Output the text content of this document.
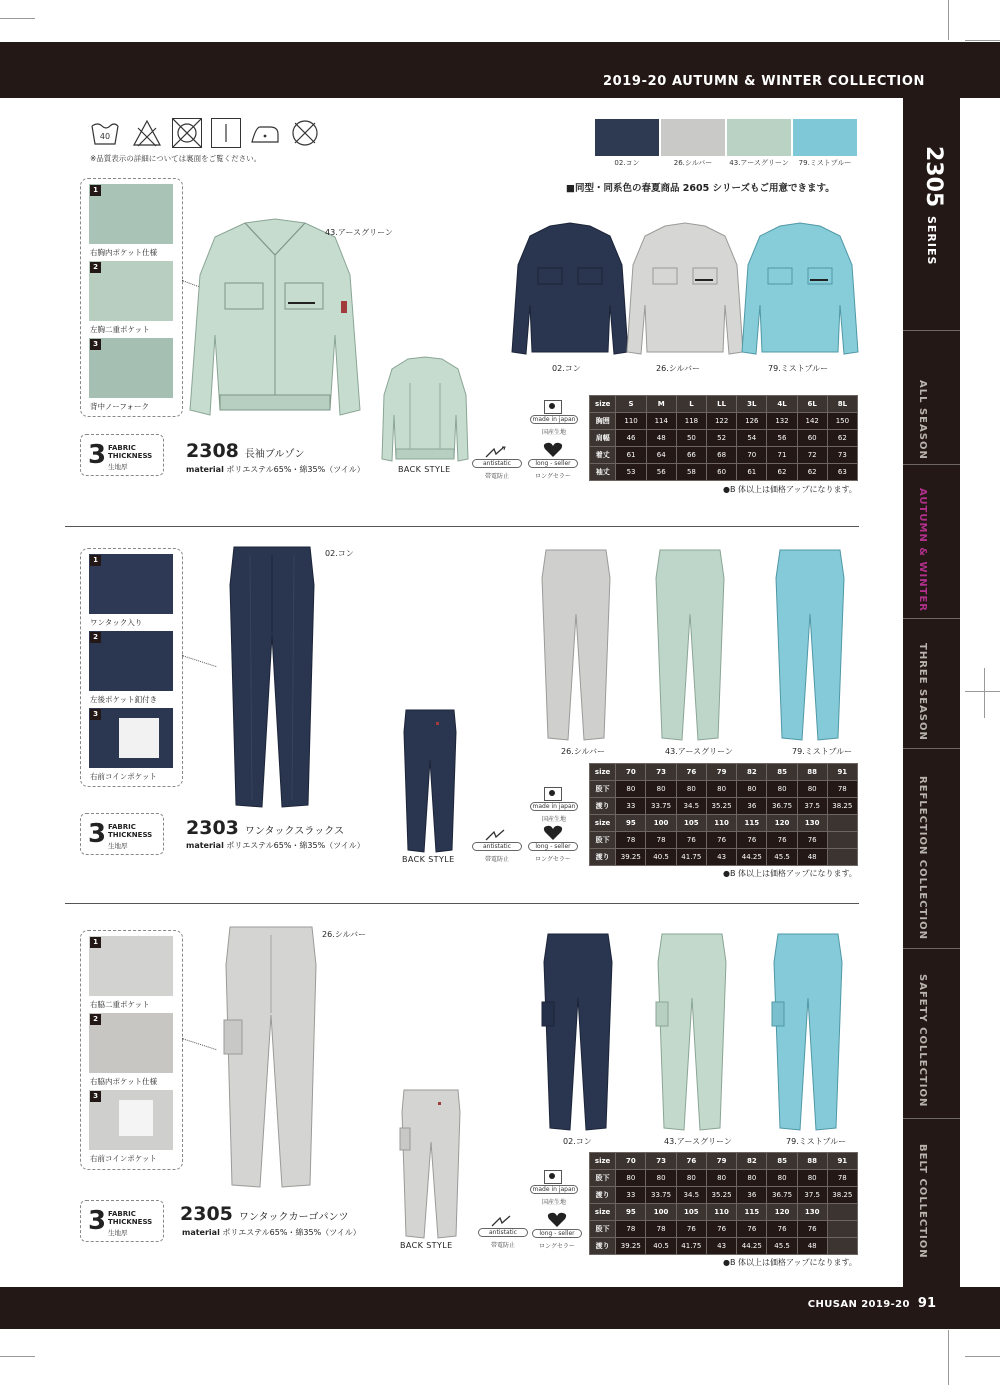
2019-20 AUTUMN & WINTER COLLECTION
2305
SERIES
ALL SEASON
AUTUMN & WINTER
THREE SEASON
REFLECTION COLLECTION
SAFETY COLLECTION
BELT COLLECTION
CHUSAN 2019-20 91
40
※品質表示の詳細については裏面をご覧ください。	02.コン	26.シルバー	43.アースグリーン	79.ミストブルー
■同型・同系色の春夏商品 2605 シリーズもご用意できます。
1
右胸内ポケット仕様
2
左胸二重ポケット
3
背中ノーフォーク
43.アースグリーン
BACK STYLE
02.コン	26.シルバー	79.ミストブルー
made in japan
国産生地
antistatic
帯電防止
long - seller
ロングセラー
size	S	M	L	LL	3L	4L	6L	8L
胸囲	110	114	118	122	126	132	142	150
肩幅	46	48	50	52	54	56	60	62
着丈	61	64	66	68	70	71	72	73
袖丈	53	56	58	60	61	62	62	63
●B 体以上は価格アップになります。
3 FABRIC
THICKNESS
生地厚
2308 長袖ブルゾン
material ポリエステル65%・綿35%（ツイル）
1
ワンタック入り
2
左後ポケット釦付き
3
右前コインポケット
02.コン
BACK STYLE
26.シルバー	43.アースグリーン	79.ミストブルー
made in japan
国産生地
antistatic
帯電防止
long - seller
ロングセラー
size	70	73	76	79	82	85	88	91
股下	80	80	80	80	80	80	80	78
渡り	33	33.75	34.5	35.25	36	36.75	37.5	38.25
size	95	100	105	110	115	120	130	
股下	78	78	76	76	76	76	76	
渡り	39.25	40.5	41.75	43	44.25	45.5	48	
●B 体以上は価格アップになります。
3 FABRIC
THICKNESS
生地厚
2303 ワンタックスラックス
material ポリエステル65%・綿35%（ツイル）
1
右脇二重ポケット
2
右脇内ポケット仕様
3
右前コインポケット
26.シルバー
BACK STYLE
02.コン	43.アースグリーン	79.ミストブルー
made in japan
国産生地
antistatic
帯電防止
long - seller
ロングセラー
size	70	73	76	79	82	85	88	91
股下	80	80	80	80	80	80	80	78
渡り	33	33.75	34.5	35.25	36	36.75	37.5	38.25
size	95	100	105	110	115	120	130	
股下	78	78	76	76	76	76	76	
渡り	39.25	40.5	41.75	43	44.25	45.5	48	
●B 体以上は価格アップになります。
3 FABRIC
THICKNESS
生地厚
2305 ワンタックカーゴパンツ
material ポリエステル65%・綿35%（ツイル）
